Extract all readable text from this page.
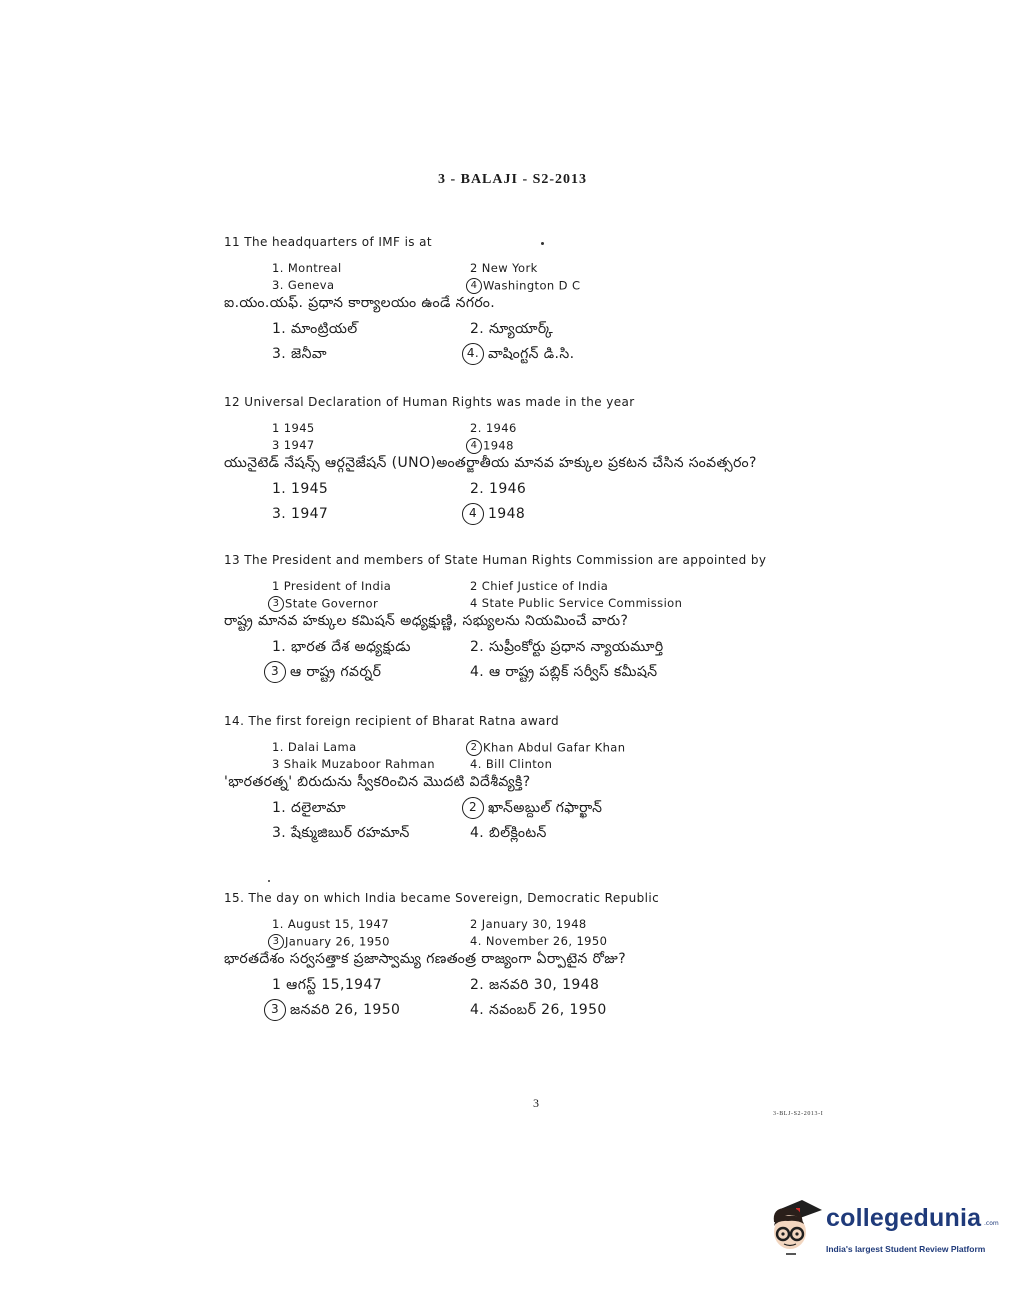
3 - BALAJI - S2-2013
11 The headquarters of IMF is at
1. Montreal	2 New York
3. Geneva	4 Washington D C
ఐ.యం.యఫ్. ప్రధాన కార్యాలయం ఉండే నగరం.
1. మాంట్రియల్	2. న్యూయార్క్
3. జెనీవా	4. వాషింగ్టన్ డి.సి.
12 Universal Declaration of Human Rights was made in the year
1 1945	2. 1946
3 1947	4 1948
యునైటెడ్ నేషన్స్ ఆర్గనైజేషన్ (UNO)అంతర్జాతీయ మానవ హక్కుల ప్రకటన చేసిన సంవత్సరం?
1. 1945	2. 1946
3. 1947	4 1948
13 The President and members of State Human Rights Commission are appointed by
1 President of India	2 Chief Justice of India
3 State Governor	4 State Public Service Commission
రాష్ట్ర మానవ హక్కుల కమిషన్ అధ్యక్షుణ్ణి, సభ్యులను నియమించే వారు?
1. భారత దేశ అధ్యక్షుడు	2. సుప్రీంకోర్టు ప్రధాన న్యాయమూర్తి
3 ఆ రాష్ట్ర గవర్నర్	4. ఆ రాష్ట్ర పబ్లిక్ సర్వీస్ కమీషన్
14. The first foreign recipient of Bharat Ratna award
1. Dalai Lama	2 Khan Abdul Gafar Khan
3 Shaik Muzaboor Rahman	4. Bill Clinton
'భారతరత్న' బిరుదును స్వీకరించిన మొదటి విదేశీవ్యక్తి?
1. దలైలామా	2 ఖాన్అబ్దుల్ గఫార్ఖాన్
3. షేక్ముజిబుర్ రహమాన్	4. బిల్‌క్లింటన్
15. The day on which India became Sovereign, Democratic Republic
1. August 15, 1947	2 January 30, 1948
3 January 26, 1950	4. November 26, 1950
భారతదేశం సర్వసత్తాక ప్రజాస్వామ్య గణతంత్ర రాజ్యంగా ఏర్పాటైన రోజు?
1 ఆగస్ట్ 15,1947	2. జనవరి 30, 1948
3 జనవరి 26, 1950	4. నవంబర్ 26, 1950
3
3-BLJ-S2-2013-I
collegedunia .com
India's largest Student Review Platform
